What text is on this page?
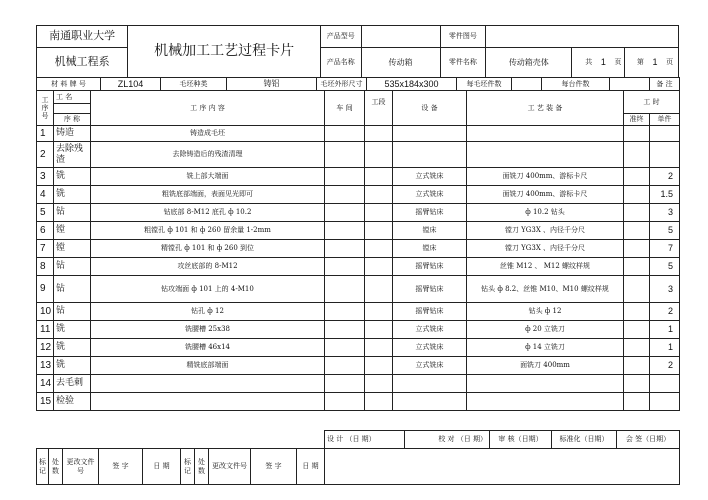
南通职业大学	机械加工工艺过程卡片	产品型号		零件图号							
机械工程系		产品名称	传动箱	零件名称	传动箱壳体	共	1	页	第	1	页
材 料 牌 号	ZL104	毛坯种类	铸铝	毛坯外形尺寸	535x184x300	每毛坯件数		每台件数		备 注
工序号	工 名	工 序 内 容	车 间	工段	设 备	工 艺 装 备	工 时	

	序 称						准终	单件
1	铸造	铸造成毛坯						
2	去除残渣	去除铸造后的残渣清理						
3	铣	铣上部大端面			立式铣床	面铣刀 400mm、游标卡尺		2
4	铣	粗铣底部端面，表面见光即可			立式铣床	面铣刀 400mm、游标卡尺		1.5
5	钻	钻底部 8-M12 底孔 ф 10.2			摇臂钻床	ф 10.2 钻头		3
6	镗	粗镗孔 ф 101 和 ф 260 留余量 1-2mm			镗床	镗刀 YG3X 、内径千分尺		5
7	镗	精镗孔 ф 101 和 ф 260 到位			镗床	镗刀 YG3X 、内径千分尺		7
8	钻	攻丝底部的 8-M12			摇臂钻床	丝锥 M12 、 M12 螺纹样规		5
9	钻	钻攻端面 ф 101 上的 4-M10			摇臂钻床	钻头 ф 8.2、丝锥 M10、M10 螺纹样规		3
10	钻	钻孔 ф 12			摇臂钻床	钻头 ф 12		2
11	铣	铣腰槽 25x38			立式铣床	ф 20 立铣刀		1
12	铣	铣腰槽 46x14			立式铣床	ф 14 立铣刀		1
13	铣	精铣底部端面			立式铣床	面铣刀 400mm		2
14	去毛刺							
15	检验							
设 计 （日 期）	校 对 （日 期）	审 核（日期）	标准化（日期）	会 签（日期）
标记	处数	更改文件号	签 字	日 期	标记	处数	更改文件号	签 字	日 期	
